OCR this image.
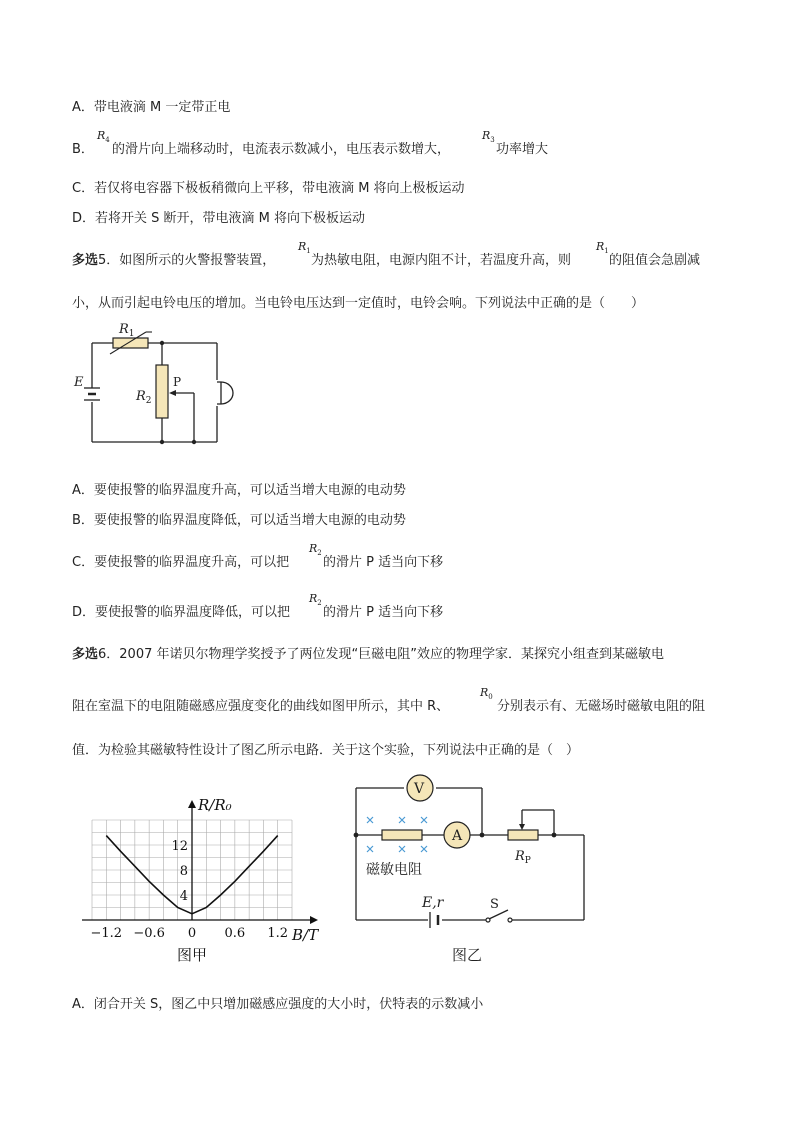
A．带电液滴 M 一定带正电
B．
$R_4$
的滑片向上端移动时，电流表示数减小，电压表示数增大，
$R_3$
功率增大
C．若仅将电容器下极板稍微向上平移，带电液滴 M 将向上极板运动
D．若将开关 S 断开，带电液滴 M 将向下极板运动
多选5．如图所示的火警报警装置，
$R_1$
为热敏电阻，电源内阻不计，若温度升高，则
$R_1$
的阻值会急剧减
小，从而引起电铃电压的增加。当电铃电压达到一定值时，电铃会响。下列说法中正确的是（　　）
$R_1$
E	P
$R_2$
A．要使报警的临界温度升高，可以适当增大电源的电动势
B．要使报警的临界温度降低，可以适当增大电源的电动势
C．要使报警的临界温度升高，可以把
$R_2$
的滑片 P 适当向下移
D．要使报警的临界温度降低，可以把
$R_2$
的滑片 P 适当向下移
多选6．2007 年诺贝尔物理学奖授予了两位发现“巨磁电阻”效应的物理学家．某探究小组查到某磁敏电
阻在室温下的电阻随磁感应强度变化的曲线如图甲所示，其中 R、
$R_0$
分别表示有、无磁场时磁敏电阻的阻
值．为检验其磁敏特性设计了图乙所示电路．关于这个实验，下列说法中正确的是（　）
−1.2 −0.6 0 0.6 1.2
4
8
12
R/R₀
B/T
图甲
V
A
$R_P$
磁敏电阻
E,r	S
图乙
A．闭合开关 S，图乙中只增加磁感应强度的大小时，伏特表的示数减小
